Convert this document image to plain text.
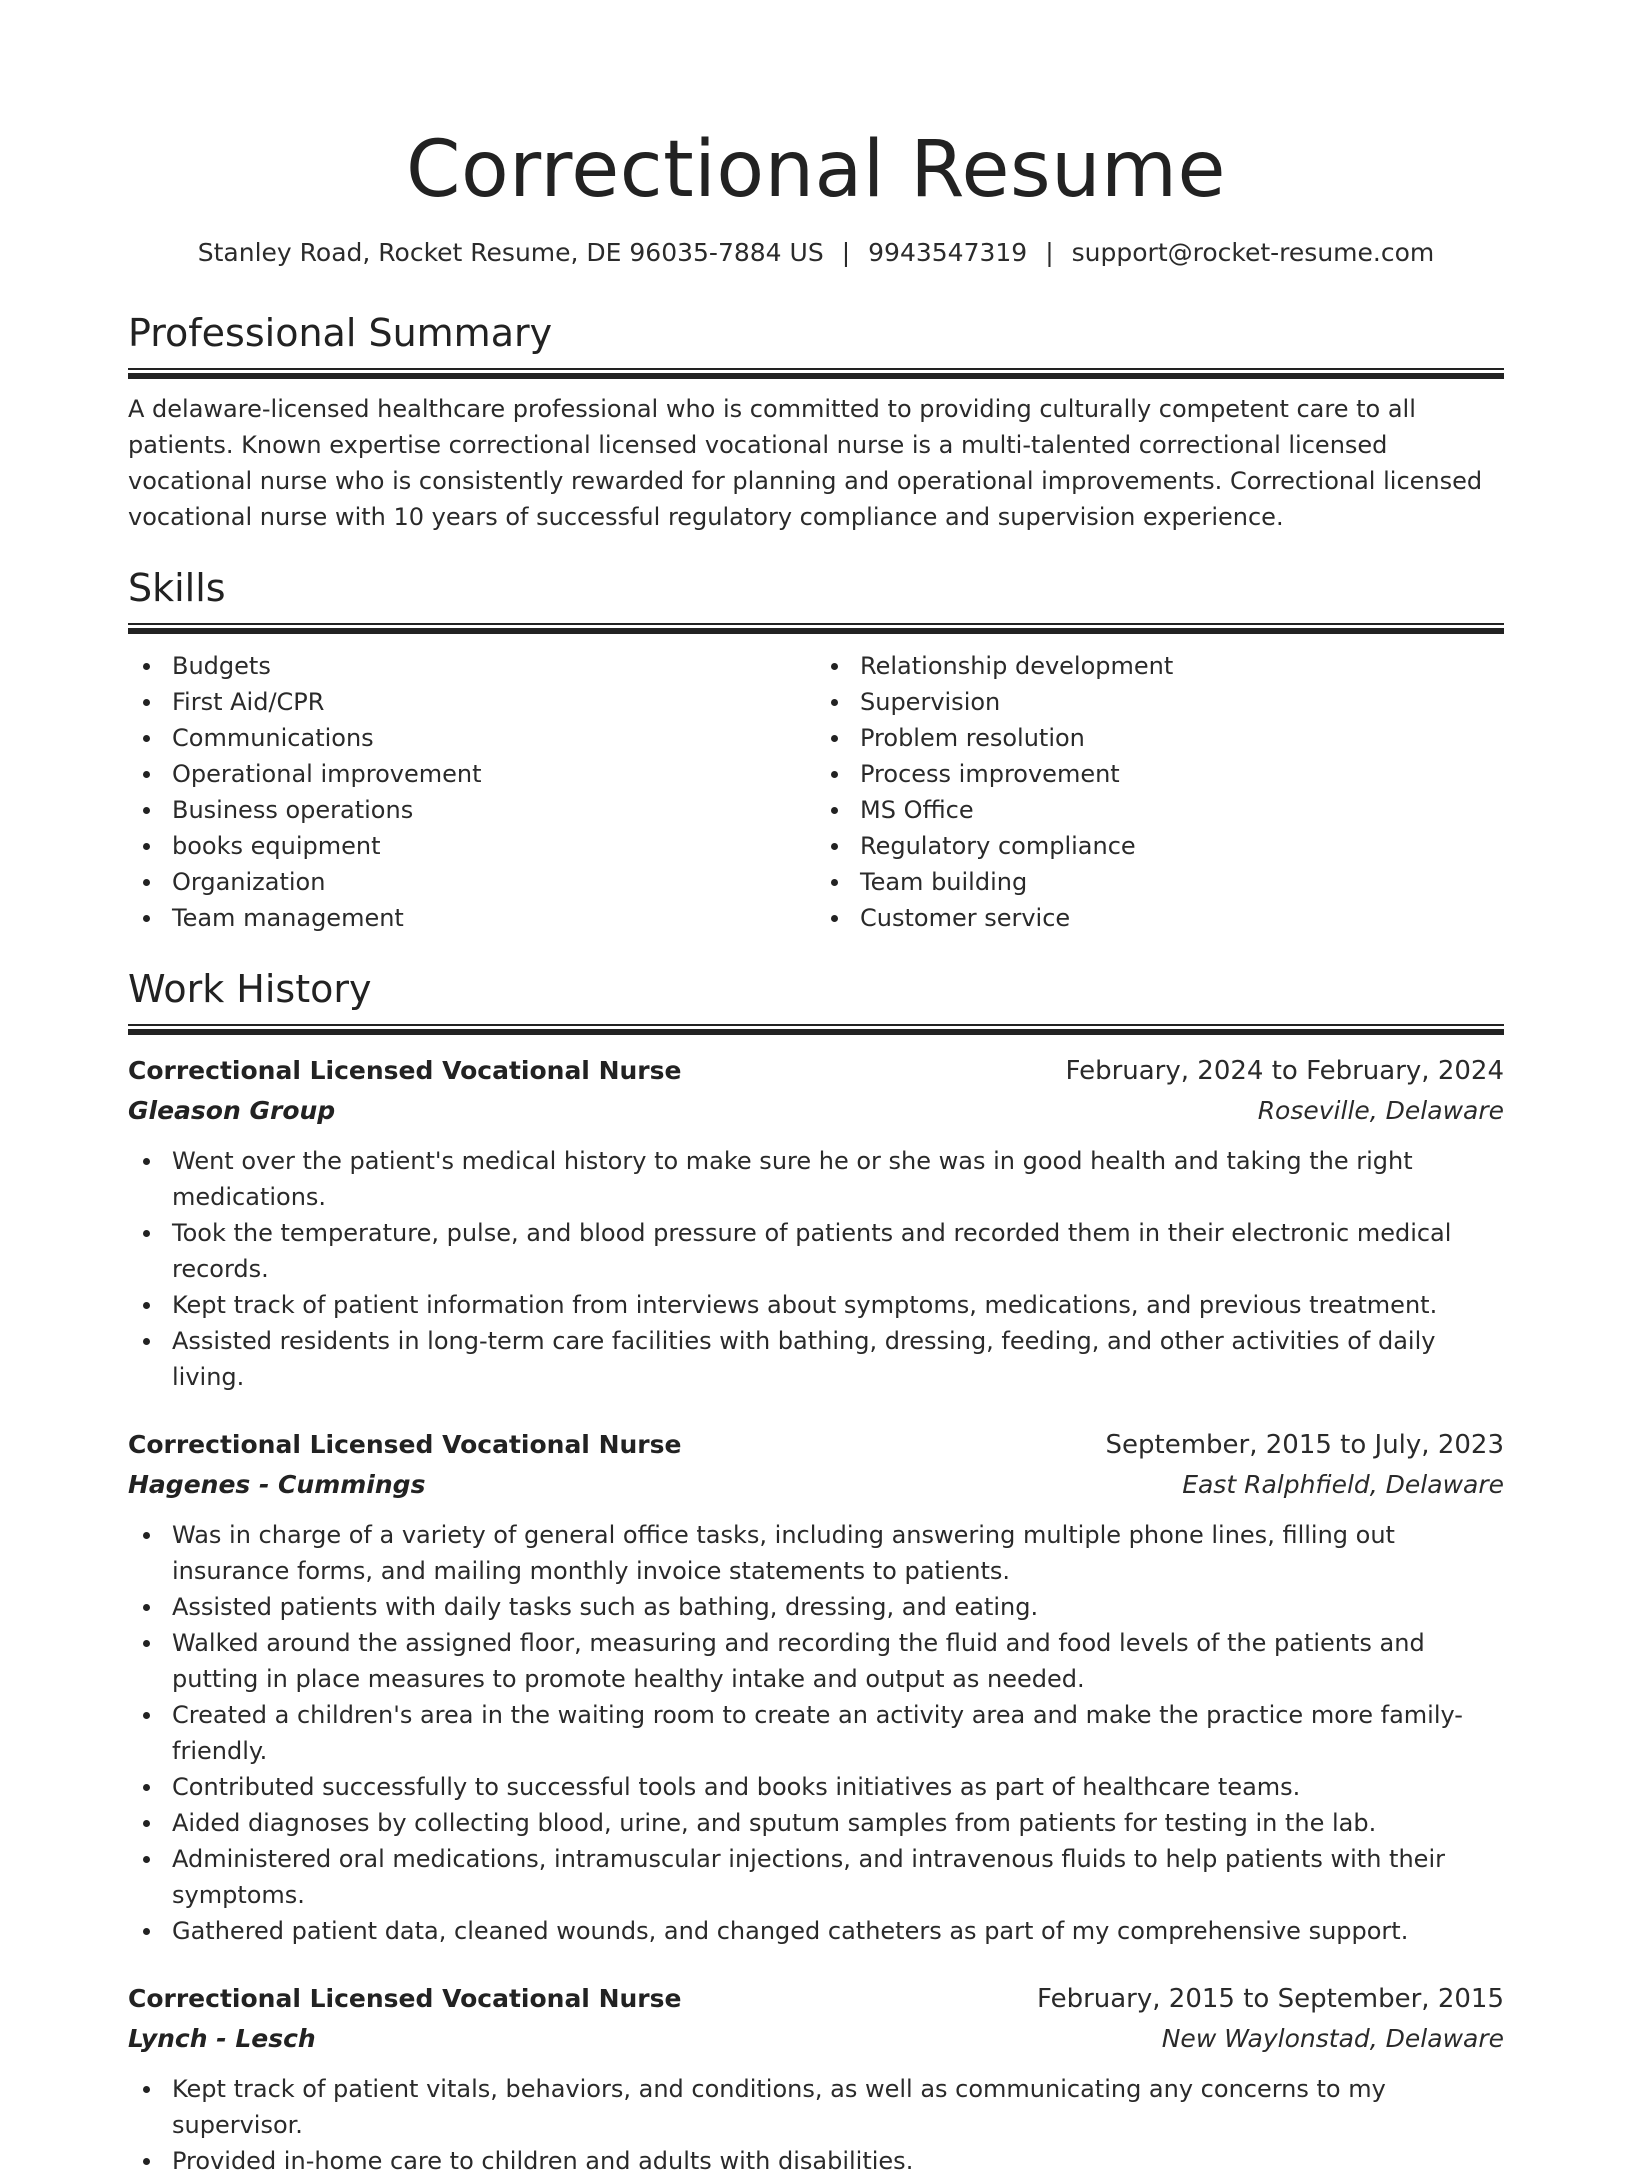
Correctional Resume
Stanley Road, Rocket Resume, DE 96035-7884 US | 9943547319 | support@rocket-resume.com
Professional Summary

A delaware-licensed healthcare professional who is committed to providing culturally competent care to all patients. Known expertise correctional licensed vocational nurse is a multi-talented correctional licensed vocational nurse who is consistently rewarded for planning and operational improvements. Correctional licensed vocational nurse with 10 years of successful regulatory compliance and supervision experience.

Skills
Budgets
First Aid/CPR
Communications
Operational improvement
Business operations
books equipment
Organization
Team management
Relationship development
Supervision
Problem resolution
Process improvement
MS Office
Regulatory compliance
Team building
Customer service
Work History
Correctional Licensed Vocational Nurse	February, 2024 to February, 2024
Gleason Group	Roseville, Delaware
Went over the patient's medical history to make sure he or she was in good health and taking the right medications.
Took the temperature, pulse, and blood pressure of patients and recorded them in their electronic medical records.
Kept track of patient information from interviews about symptoms, medications, and previous treatment.
Assisted residents in long-term care facilities with bathing, dressing, feeding, and other activities of daily living.
Correctional Licensed Vocational Nurse	September, 2015 to July, 2023
Hagenes - Cummings	East Ralphfield, Delaware
Was in charge of a variety of general office tasks, including answering multiple phone lines, filling out insurance forms, and mailing monthly invoice statements to patients.
Assisted patients with daily tasks such as bathing, dressing, and eating.
Walked around the assigned floor, measuring and recording the fluid and food levels of the patients and putting in place measures to promote healthy intake and output as needed.
Created a children's area in the waiting room to create an activity area and make the practice more family-friendly.
Contributed successfully to successful tools and books initiatives as part of healthcare teams.
Aided diagnoses by collecting blood, urine, and sputum samples from patients for testing in the lab.
Administered oral medications, intramuscular injections, and intravenous fluids to help patients with their symptoms.
Gathered patient data, cleaned wounds, and changed catheters as part of my comprehensive support.
Correctional Licensed Vocational Nurse	February, 2015 to September, 2015
Lynch - Lesch	New Waylonstad, Delaware
Kept track of patient vitals, behaviors, and conditions, as well as communicating any concerns to my supervisor.
Provided in-home care to children and adults with disabilities.
